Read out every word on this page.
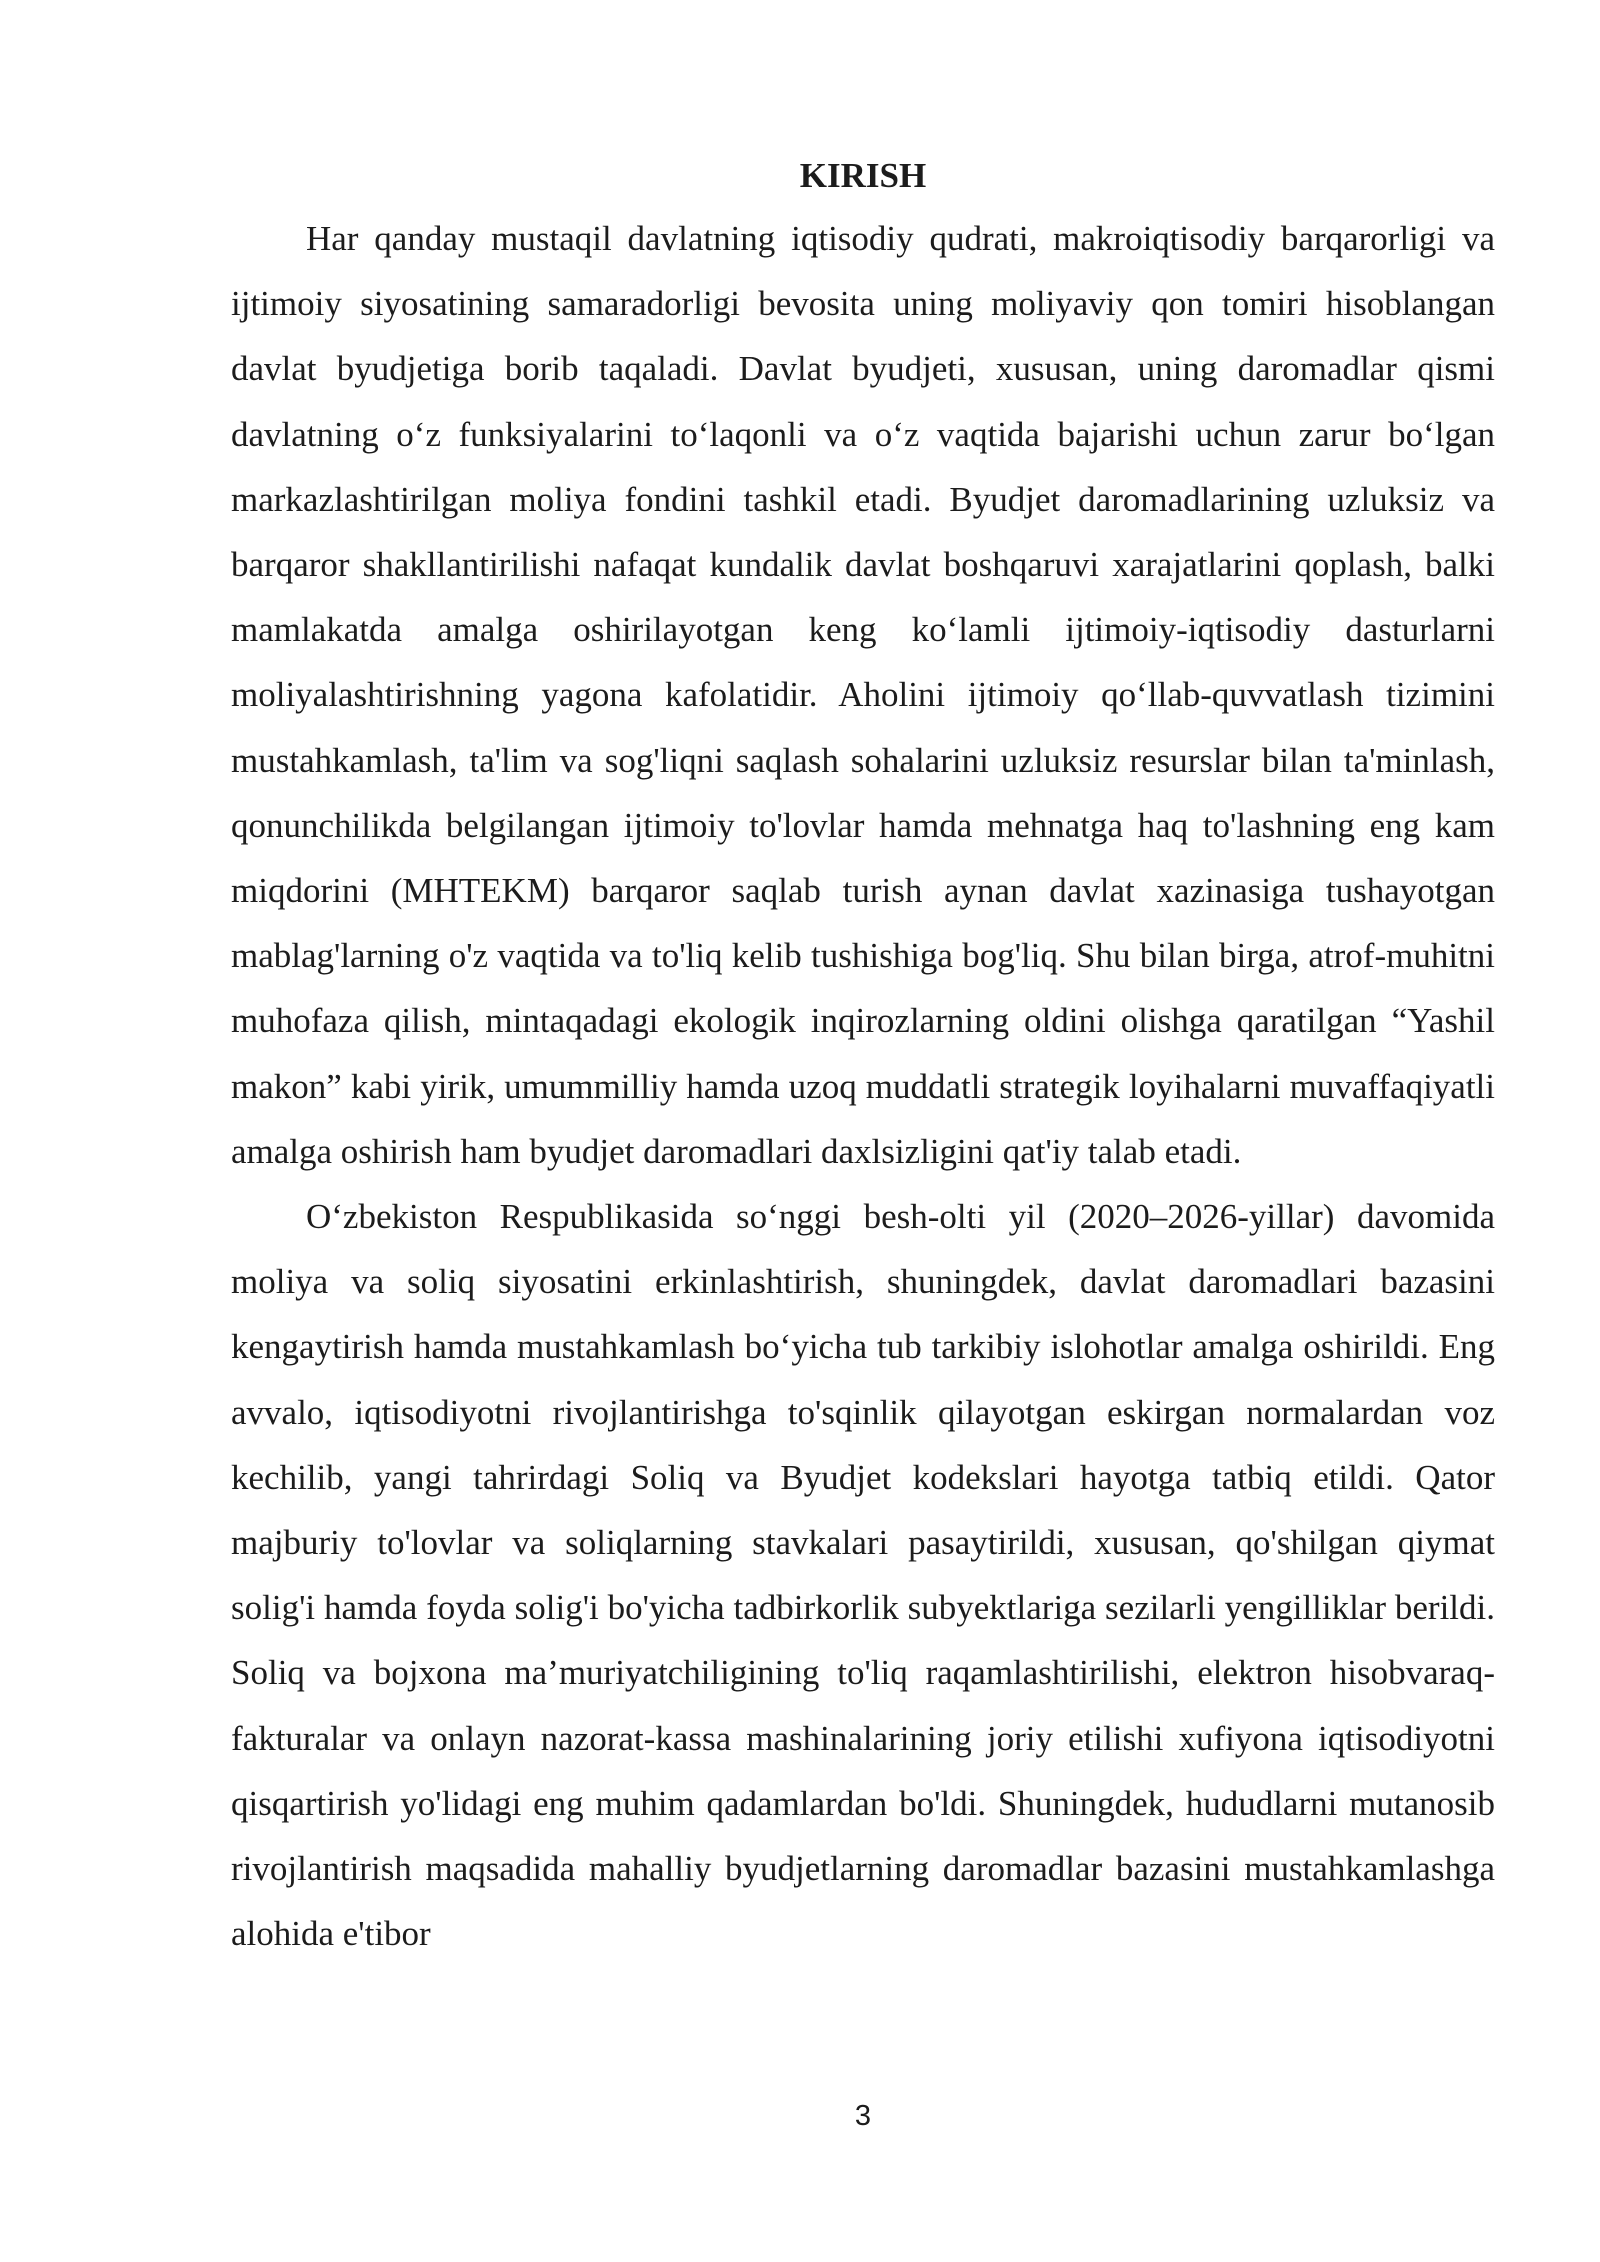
KIRISH

Har qanday mustaqil davlatning iqtisodiy qudrati, makroiqtisodiy barqarorligi va ijtimoiy siyosatining samaradorligi bevosita uning moliyaviy qon tomiri hisoblangan davlat byudjetiga borib taqaladi. Davlat byudjeti, xususan, uning daromadlar qismi davlatning o‘z funksiyalarini to‘laqonli va o‘z vaqtida bajarishi uchun zarur bo‘lgan markazlashtirilgan moliya fondini tashkil etadi. Byudjet daromadlarining uzluksiz va barqaror shakllantirilishi nafaqat kundalik davlat boshqaruvi xarajatlarini qoplash, balki mamlakatda amalga oshirilayotgan keng ko‘lamli ijtimoiy-iqtisodiy dasturlarni moliyalashtirishning yagona kafolatidir. Aholini ijtimoiy qo‘llab-quvvatlash tizimini mustahkamlash, ta'lim va sog'liqni saqlash sohalarini uzluksiz resurslar bilan ta'minlash, qonunchilikda belgilangan ijtimoiy to'lovlar hamda mehnatga haq to'lashning eng kam miqdorini (MHTEKM) barqaror saqlab turish aynan davlat xazinasiga tushayotgan mablag'larning o'z vaqtida va to'liq kelib tushishiga bog'liq. Shu bilan birga, atrof-muhitni muhofaza qilish, mintaqadagi ekologik inqirozlarning oldini olishga qaratilgan “Yashil makon” kabi yirik, umummilliy hamda uzoq muddatli strategik loyihalarni muvaffaqiyatli amalga oshirish ham byudjet daromadlari daxlsizligini qat'iy talab etadi.

O‘zbekiston Respublikasida so‘nggi besh-olti yil (2020–2026-yillar) davomida moliya va soliq siyosatini erkinlashtirish, shuningdek, davlat daromadlari bazasini kengaytirish hamda mustahkamlash bo‘yicha tub tarkibiy islohotlar amalga oshirildi. Eng avvalo, iqtisodiyotni rivojlantirishga to'sqinlik qilayotgan eskirgan normalardan voz kechilib, yangi tahrirdagi Soliq va Byudjet kodekslari hayotga tatbiq etildi. Qator majburiy to'lovlar va soliqlarning stavkalari pasaytirildi, xususan, qo'shilgan qiymat solig'i hamda foyda solig'i bo'yicha tadbirkorlik subyektlariga sezilarli yengilliklar berildi. Soliq va bojxona ma’muriyatchiligining to'liq raqamlashtirilishi, elektron hisobvaraq-fakturalar va onlayn nazorat-kassa mashinalarining joriy etilishi xufiyona iqtisodiyotni qisqartirish yo'lidagi eng muhim qadamlardan bo'ldi. Shuningdek, hududlarni mutanosib rivojlantirish maqsadida mahalliy byudjetlarning daromadlar bazasini mustahkamlashga alohida e'tibor

3
